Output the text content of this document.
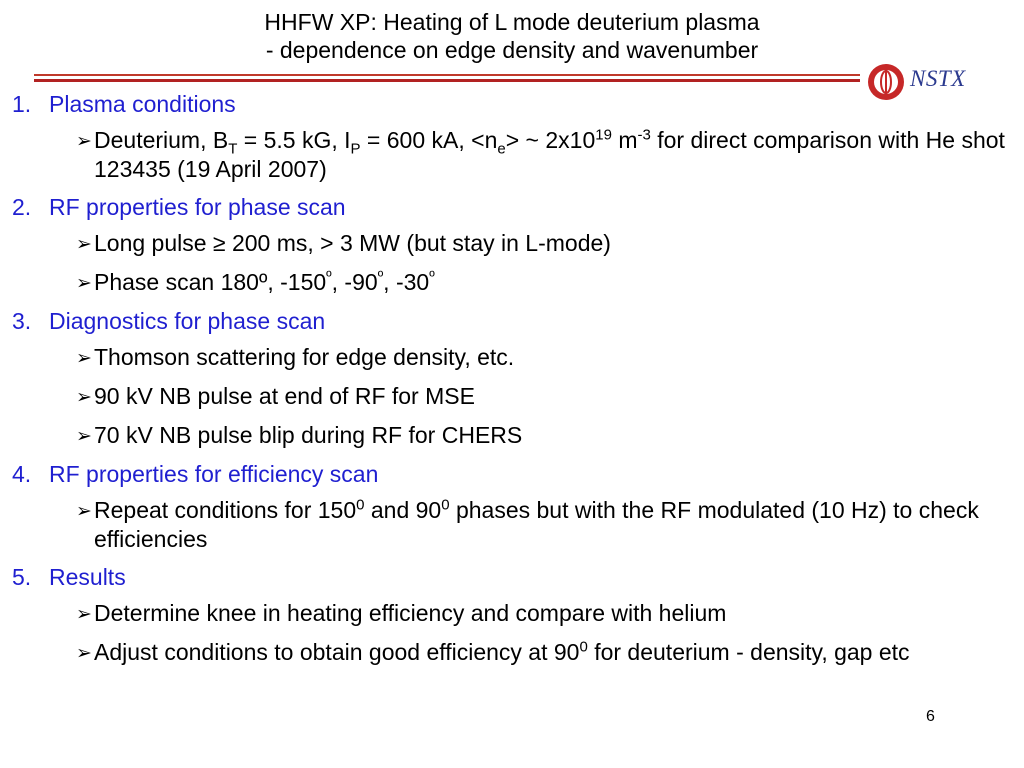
HHFW XP: Heating of L mode deuterium plasma
- dependence on edge density and wavenumber
NSTX
1. Plasma conditions
➢ Deuterium, $B_T = 5.5$ kG, $I_P = 600$ kA, $<n_e>$ ~ $2x10^{19}$ $m^{-3}$ for direct comparison with He shot 123435 (19 April 2007)
2. RF properties for phase scan
➢ Long pulse ≥ 200 ms, > 3 MW (but stay in L-mode)
➢ Phase scan 180º, $-150^º$, $-90^º$, $-30^º$
3. Diagnostics for phase scan
➢ Thomson scattering for edge density, etc.
➢ 90 kV NB pulse at end of RF for MSE
➢ 70 kV NB pulse blip during RF for CHERS
4. RF properties for efficiency scan
➢ Repeat conditions for $150^0$ and $90^0$ phases but with the RF modulated (10 Hz) to check efficiencies
5. Results
➢ Determine knee in heating efficiency and compare with helium
➢ Adjust conditions to obtain good efficiency at $90^0$ for deuterium - density, gap etc
6
